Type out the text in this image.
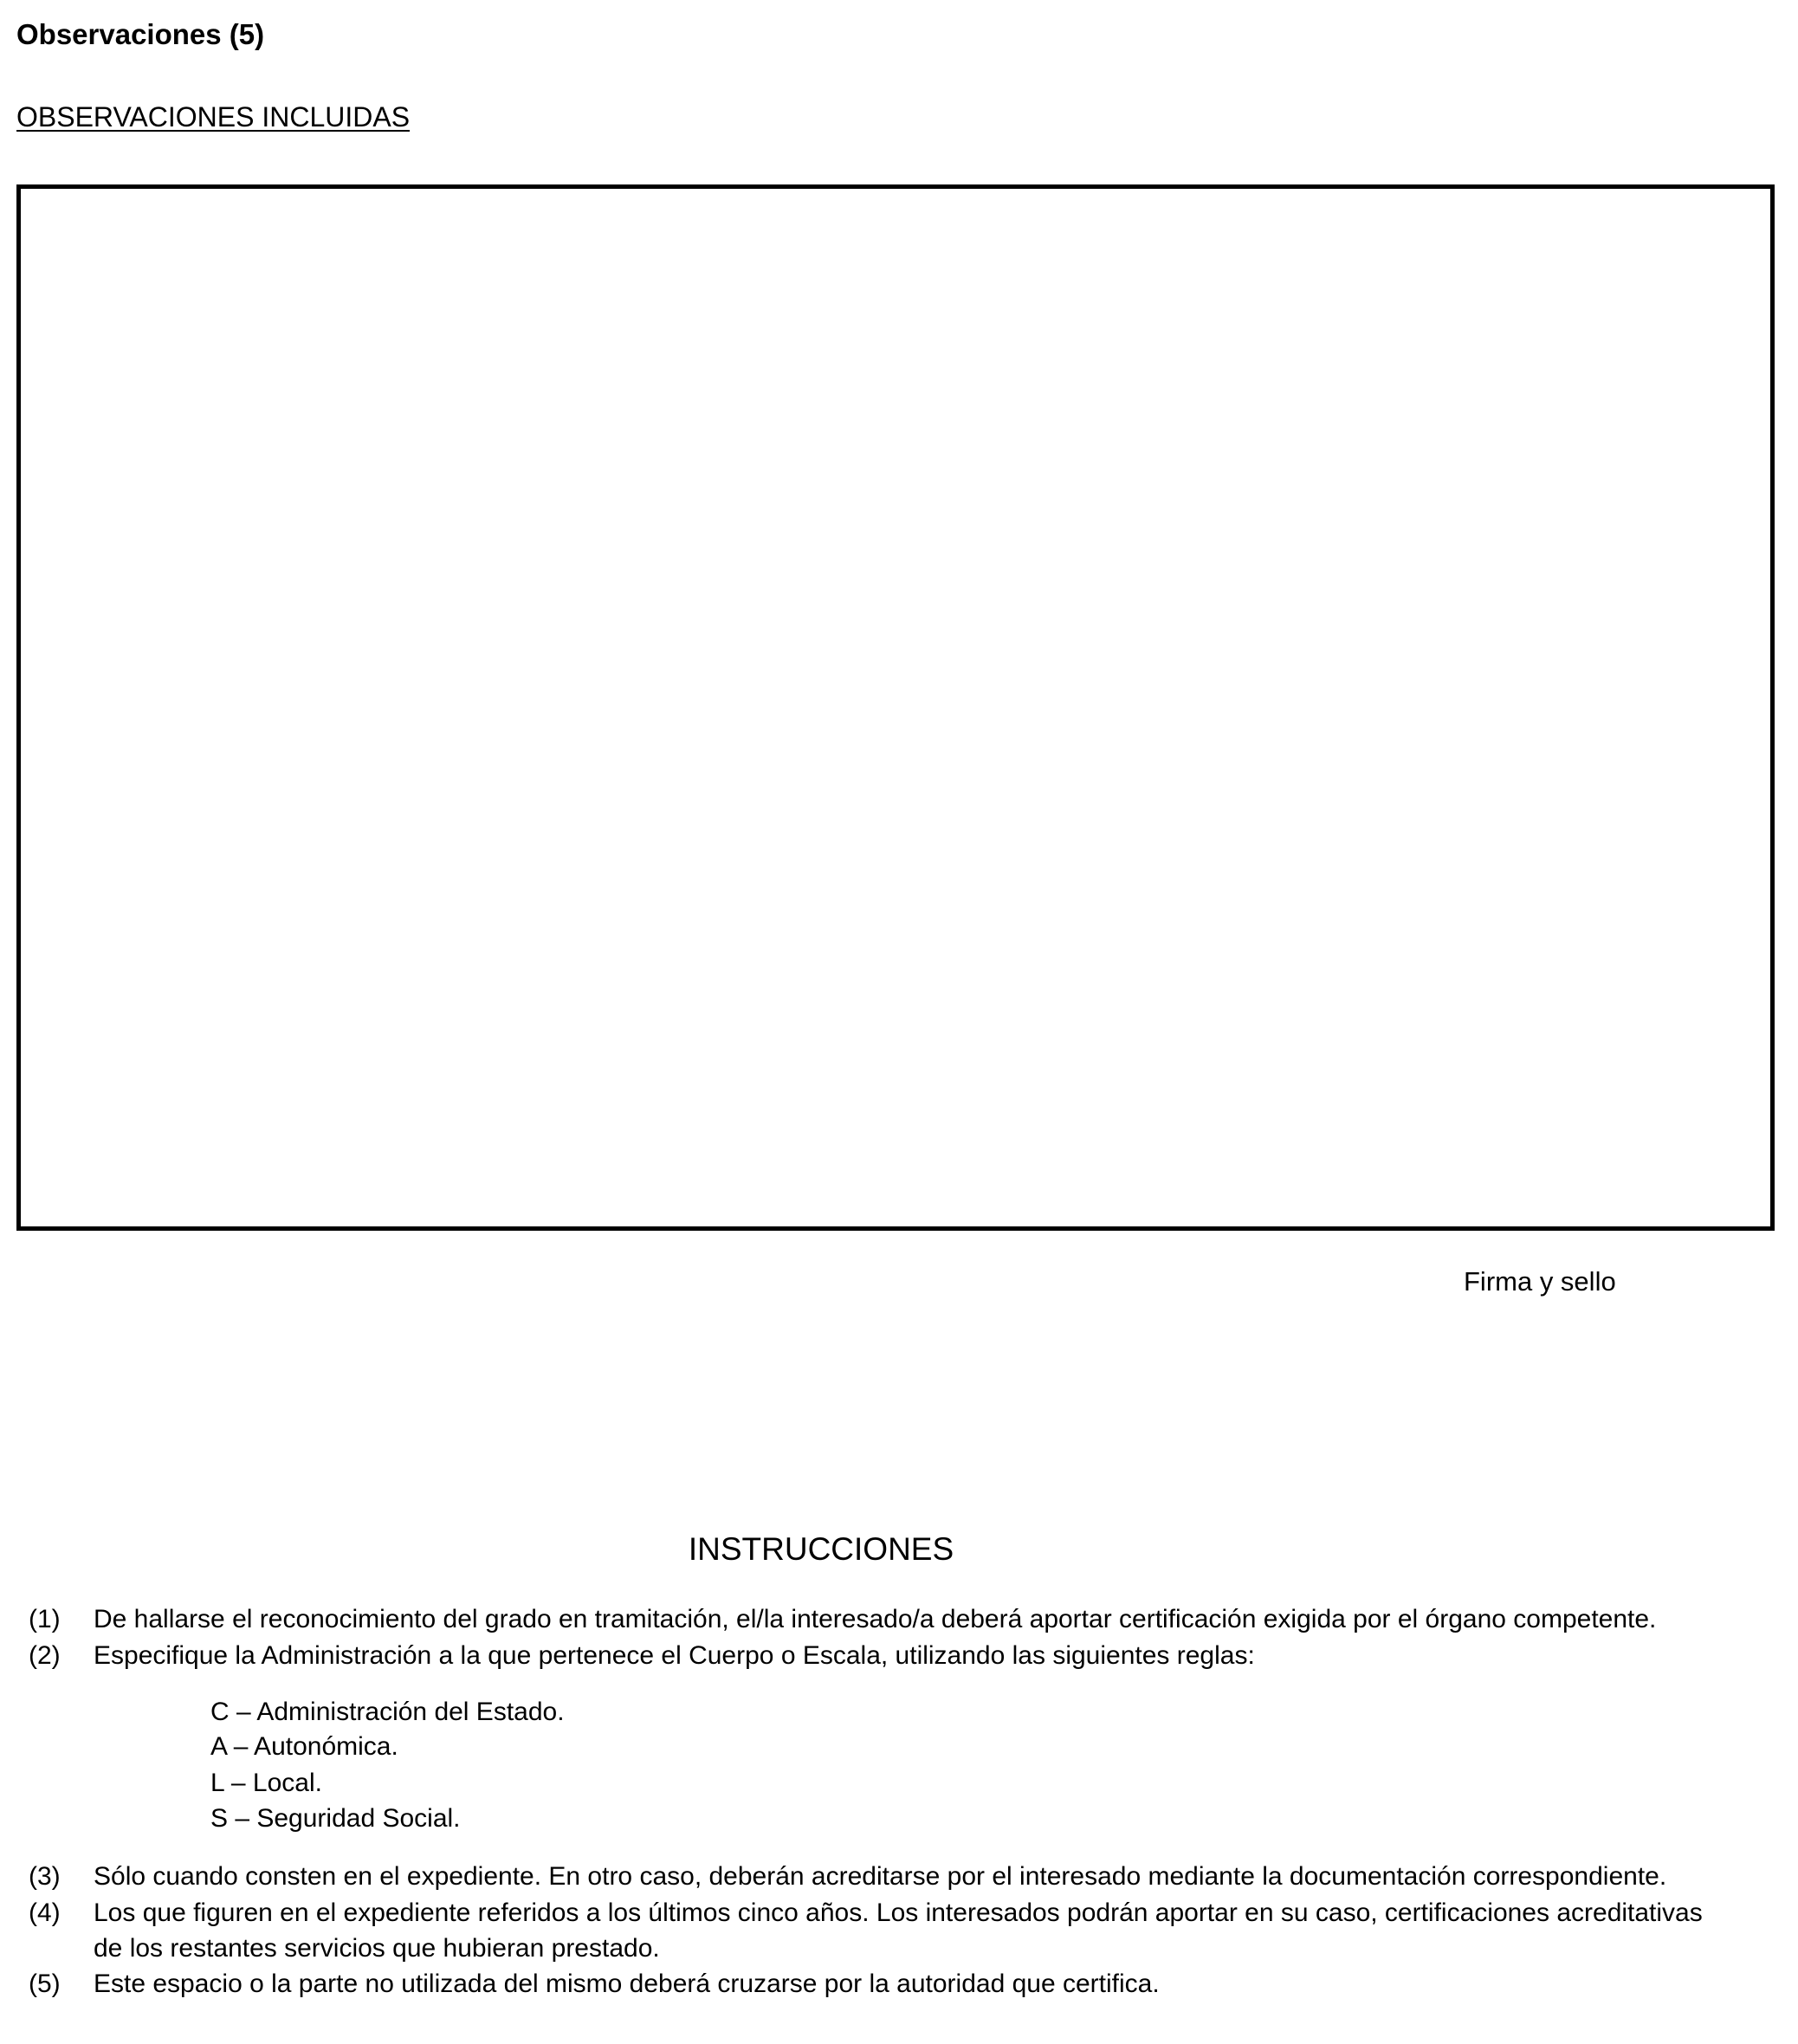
Observaciones (5)
OBSERVACIONES INCLUIDAS
Firma y sello
INSTRUCCIONES
(1) De hallarse el reconocimiento del grado en tramitación, el/la interesado/a deberá aportar certificación exigida por el órgano competente.
(2) Especifique la Administración a la que pertenece el Cuerpo o Escala, utilizando las siguientes reglas:
C – Administración del Estado.
A – Autonómica.
L – Local.
S – Seguridad Social.
(3) Sólo cuando consten en el expediente. En otro caso, deberán acreditarse por el interesado mediante la documentación correspondiente.
(4) Los que figuren en el expediente referidos a los últimos cinco años. Los interesados podrán aportar en su caso, certificaciones acreditativas
de los restantes servicios que hubieran prestado.
(5) Este espacio o la parte no utilizada del mismo deberá cruzarse por la autoridad que certifica.
